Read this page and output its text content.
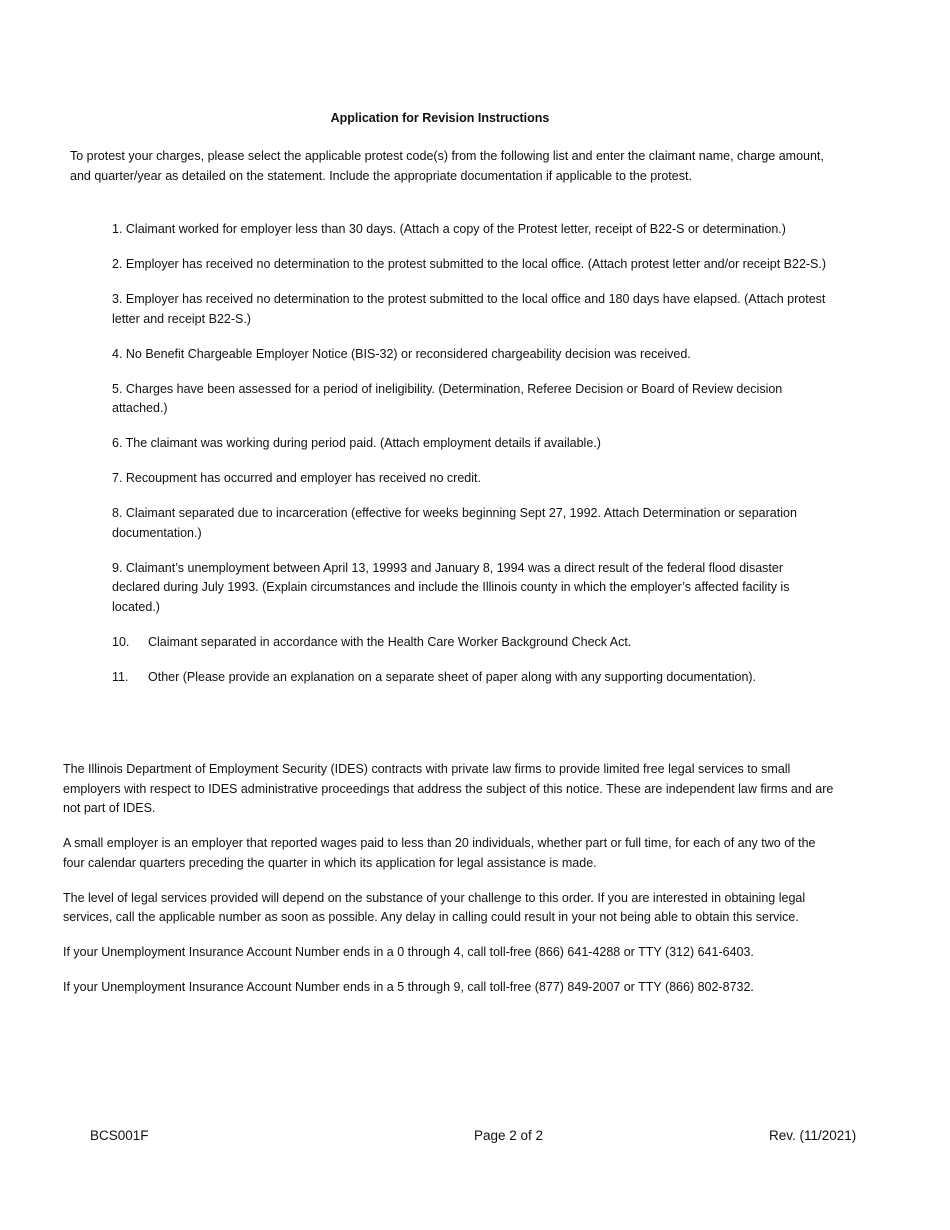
Application for Revision Instructions
To protest your charges, please select the applicable protest code(s) from the following list and enter the claimant name, charge amount, and quarter/year as detailed on the statement. Include the appropriate documentation if applicable to the protest.
1. Claimant worked for employer less than 30 days. (Attach a copy of the Protest letter, receipt of B22-S or determination.)
2. Employer has received no determination to the protest submitted to the local office. (Attach protest letter and/or receipt B22-S.)
3. Employer has received no determination to the protest submitted to the local office and 180 days have elapsed. (Attach protest letter and receipt B22-S.)
4. No Benefit Chargeable Employer Notice (BIS-32) or reconsidered chargeability decision was received.
5. Charges have been assessed for a period of ineligibility. (Determination, Referee Decision or Board of Review decision attached.)
6. The claimant was working during period paid. (Attach employment details if available.)
7. Recoupment has occurred and employer has received no credit.
8. Claimant separated due to incarceration (effective for weeks beginning Sept 27, 1992. Attach Determination or separation documentation.)
9. Claimant’s unemployment between April 13, 19993 and January 8, 1994 was a direct result of the federal flood disaster declared during July 1993. (Explain circumstances and include the Illinois county in which the employer’s affected facility is located.)
10.	Claimant separated in accordance with the Health Care Worker Background Check Act.
11.	Other (Please provide an explanation on a separate sheet of paper along with any supporting documentation).

The Illinois Department of Employment Security (IDES) contracts with private law firms to provide limited free legal services to small employers with respect to IDES administrative proceedings that address the subject of this notice. These are independent law firms and are not part of IDES.

A small employer is an employer that reported wages paid to less than 20 individuals, whether part or full time, for each of any two of the four calendar quarters preceding the quarter in which its application for legal assistance is made.

The level of legal services provided will depend on the substance of your challenge to this order. If you are interested in obtaining legal services, call the applicable number as soon as possible. Any delay in calling could result in your not being able to obtain this service.

If your Unemployment Insurance Account Number ends in a 0 through 4, call toll-free (866) 641-4288 or TTY (312) 641-6403.

If your Unemployment Insurance Account Number ends in a 5 through 9, call toll-free (877) 849-2007 or TTY (866) 802-8732.

BCS001F	Page 2 of 2	Rev. (11/2021)
